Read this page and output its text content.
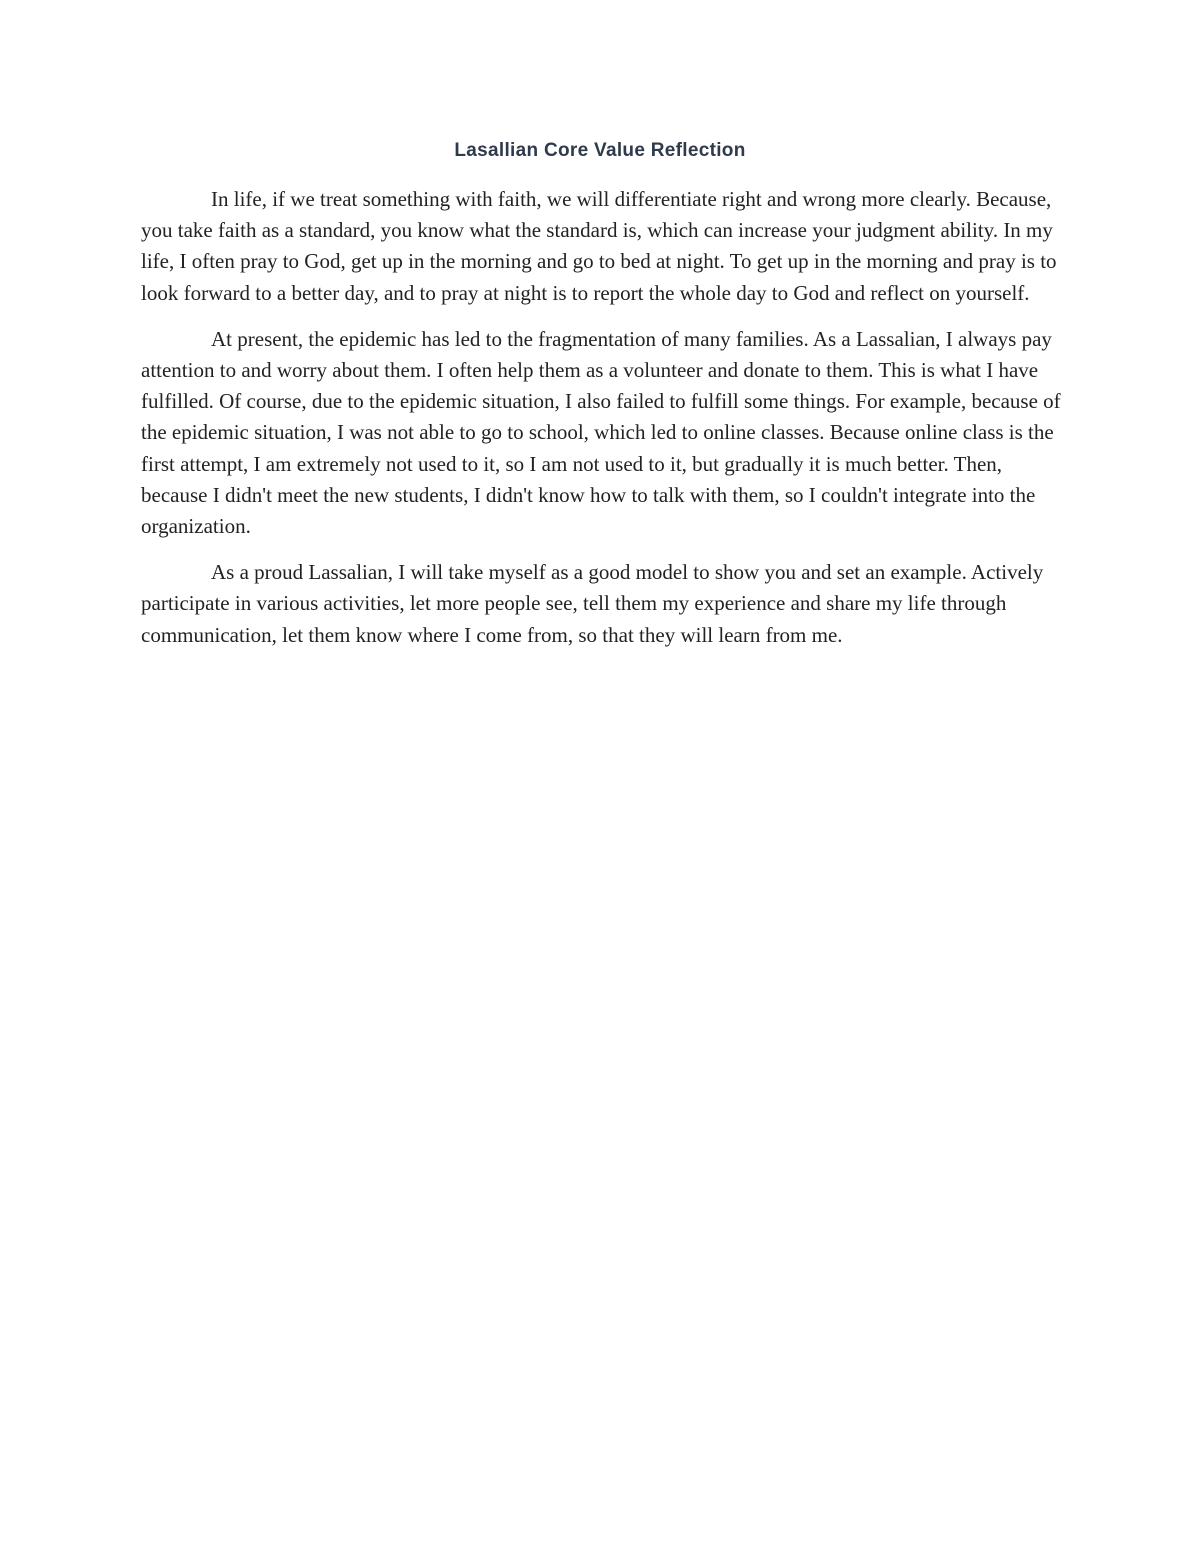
Lasallian Core Value Reflection

In life, if we treat something with faith, we will differentiate right and wrong more clearly. Because, you take faith as a standard, you know what the standard is, which can increase your judgment ability. In my life, I often pray to God, get up in the morning and go to bed at night. To get up in the morning and pray is to look forward to a better day, and to pray at night is to report the whole day to God and reflect on yourself.

At present, the epidemic has led to the fragmentation of many families. As a Lassalian, I always pay attention to and worry about them. I often help them as a volunteer and donate to them. This is what I have fulfilled. Of course, due to the epidemic situation, I also failed to fulfill some things. For example, because of the epidemic situation, I was not able to go to school, which led to online classes. Because online class is the first attempt, I am extremely not used to it, so I am not used to it, but gradually it is much better. Then, because I didn't meet the new students, I didn't know how to talk with them, so I couldn't integrate into the organization.

As a proud Lassalian, I will take myself as a good model to show you and set an example. Actively participate in various activities, let more people see, tell them my experience and share my life through communication, let them know where I come from, so that they will learn from me.
